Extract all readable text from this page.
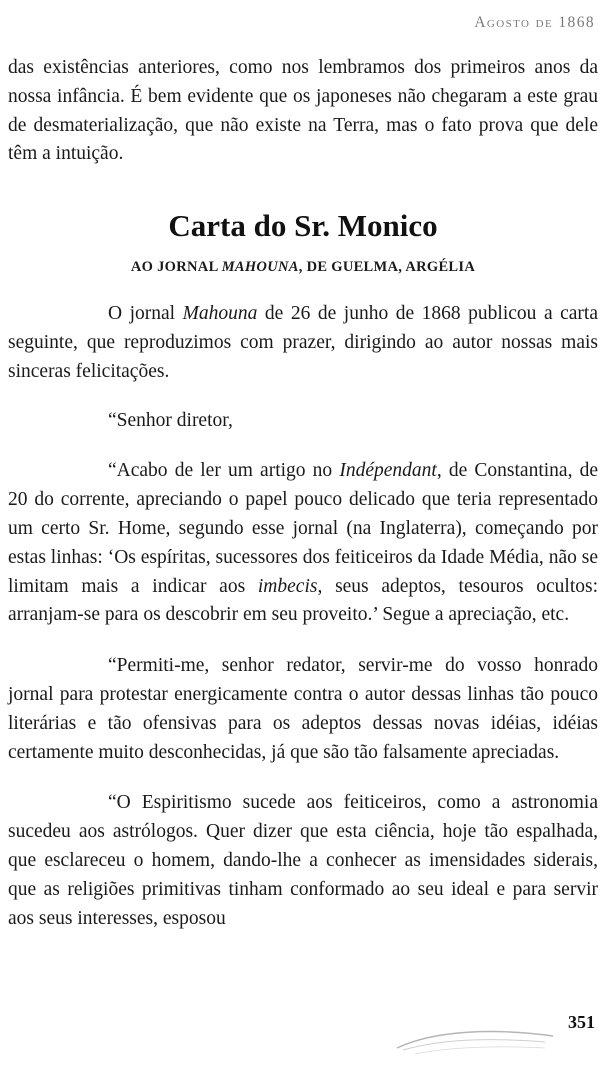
Agosto de 1868

das existências anteriores, como nos lembramos dos primeiros anos da nossa infância. É bem evidente que os japoneses não chegaram a este grau de desmaterialização, que não existe na Terra, mas o fato prova que dele têm a intuição.

Carta do Sr. Monico
AO JORNAL MAHOUNA, DE GUELMA, ARGÉLIA

O jornal Mahouna de 26 de junho de 1868 publicou a carta seguinte, que reproduzimos com prazer, dirigindo ao autor nossas mais sinceras felicitações.

“Senhor diretor,

“Acabo de ler um artigo no Indépendant, de Constantina, de 20 do corrente, apreciando o papel pouco delicado que teria representado um certo Sr. Home, segundo esse jornal (na Inglaterra), começando por estas linhas: ‘Os espíritas, sucessores dos feiticeiros da Idade Média, não se limitam mais a indicar aos imbecis, seus adeptos, tesouros ocultos: arranjam-se para os descobrir em seu proveito.’ Segue a apreciação, etc.

“Permiti-me, senhor redator, servir-me do vosso honrado jornal para protestar energicamente contra o autor dessas linhas tão pouco literárias e tão ofensivas para os adeptos dessas novas idéias, idéias certamente muito desconhecidas, já que são tão falsamente apreciadas.

“O Espiritismo sucede aos feiticeiros, como a astronomia sucedeu aos astrólogos. Quer dizer que esta ciência, hoje tão espalhada, que esclareceu o homem, dando-lhe a conhecer as imensidades siderais, que as religiões primitivas tinham conformado ao seu ideal e para servir aos seus interesses, esposou

351
